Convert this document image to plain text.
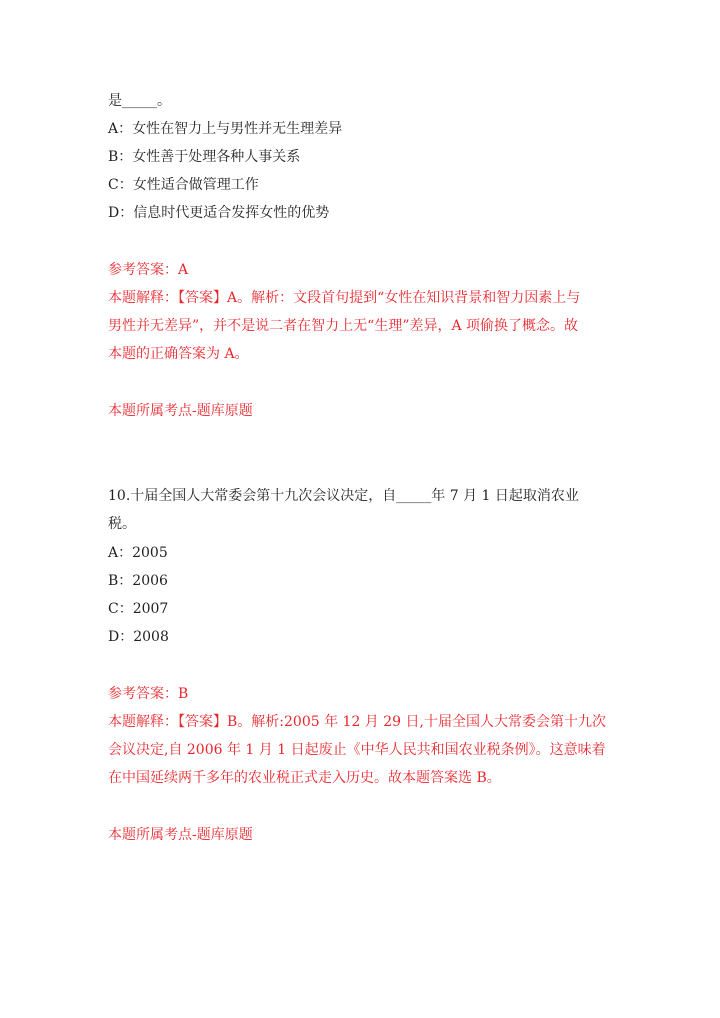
是_____。
A：女性在智力上与男性并无生理差异
B：女性善于处理各种人事关系
C：女性适合做管理工作
D：信息时代更适合发挥女性的优势
参考答案：A
本题解释：【答案】A。解析：文段首句提到“女性在知识背景和智力因素上与
男性并无差异”，并不是说二者在智力上无“生理”差异，A 项偷换了概念。故
本题的正确答案为 A。
本题所属考点-题库原题
10.十届全国人大常委会第十九次会议决定，自_____年 7 月 1 日起取消农业
税。
A：2005
B：2006
C：2007
D：2008
参考答案：B
本题解释：【答案】B。解析:2005 年 12 月 29 日,十届全国人大常委会第十九次
会议决定,自 2006 年 1 月 1 日起废止《中华人民共和国农业税条例》。这意味着
在中国延续两千多年的农业税正式走入历史。故本题答案选 B。
本题所属考点-题库原题
